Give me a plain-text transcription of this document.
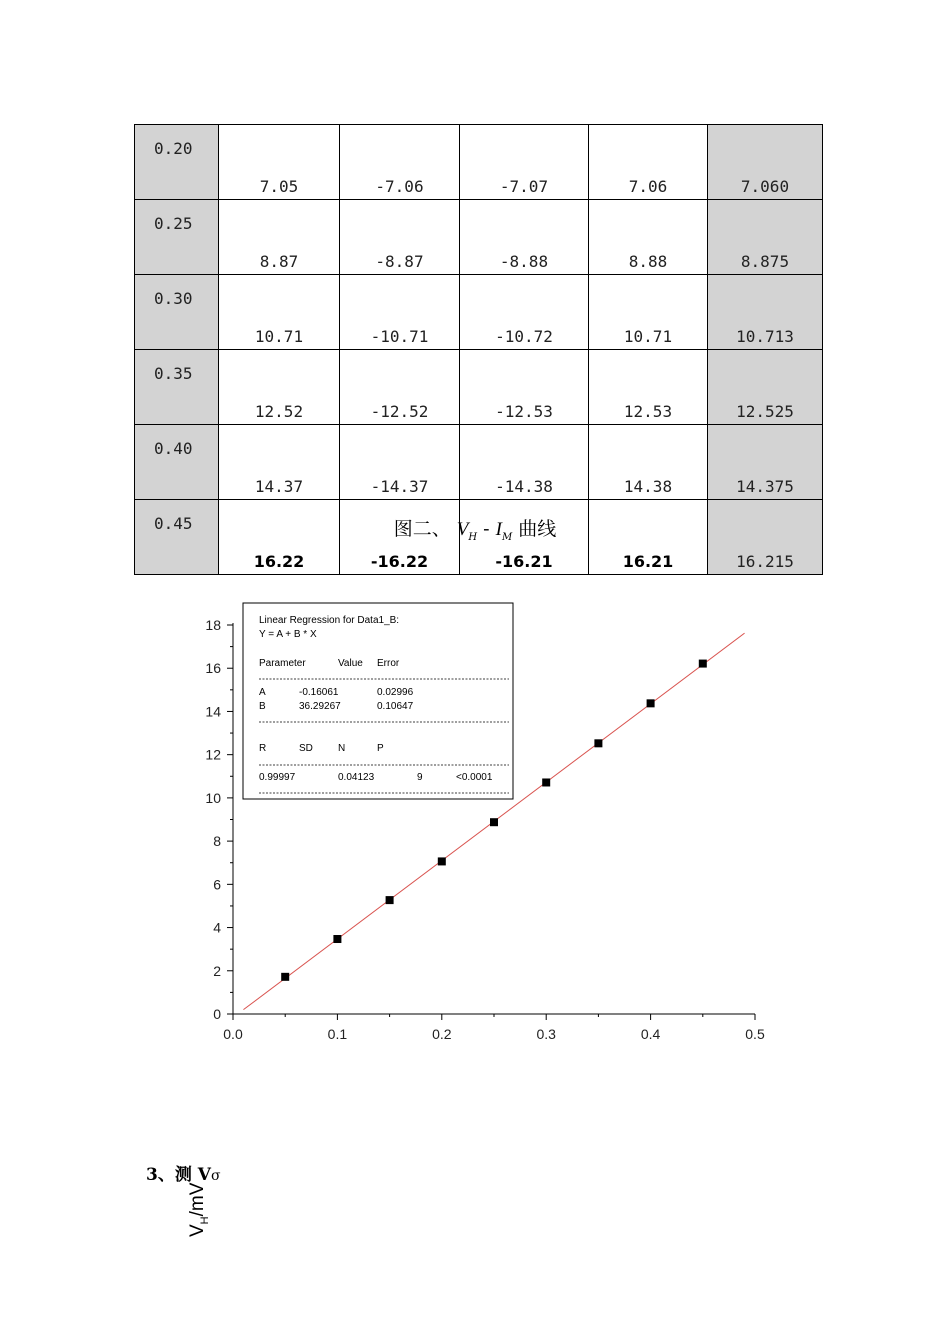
0.20	7.05	-7.06	-7.07	7.06	7.060
0.25	8.87	-8.87	-8.88	8.88	8.875
0.30	10.71	-10.71	-10.72	10.71	10.713
0.35	12.52	-12.52	-12.53	12.53	12.525
0.40	14.37	-14.37	-14.38	14.38	14.375
0.45	16.22	-16.22	-16.21	16.21	16.215
图二、 $V_H - I_M$ 曲线
0.0	0.1	0.2	0.3	0.4	0.5
0
2
4
6
8
10
12
14
16
18
$V_H/mV$
Linear Regression for Data1_B:
Y = A + B * X
Parameter	Value Error
A	-0.16061	0.02996
B	36.29267	0.10647
R	SD	N	P
0.99997	0.04123	9	<0.0001
3、测 Vσ
